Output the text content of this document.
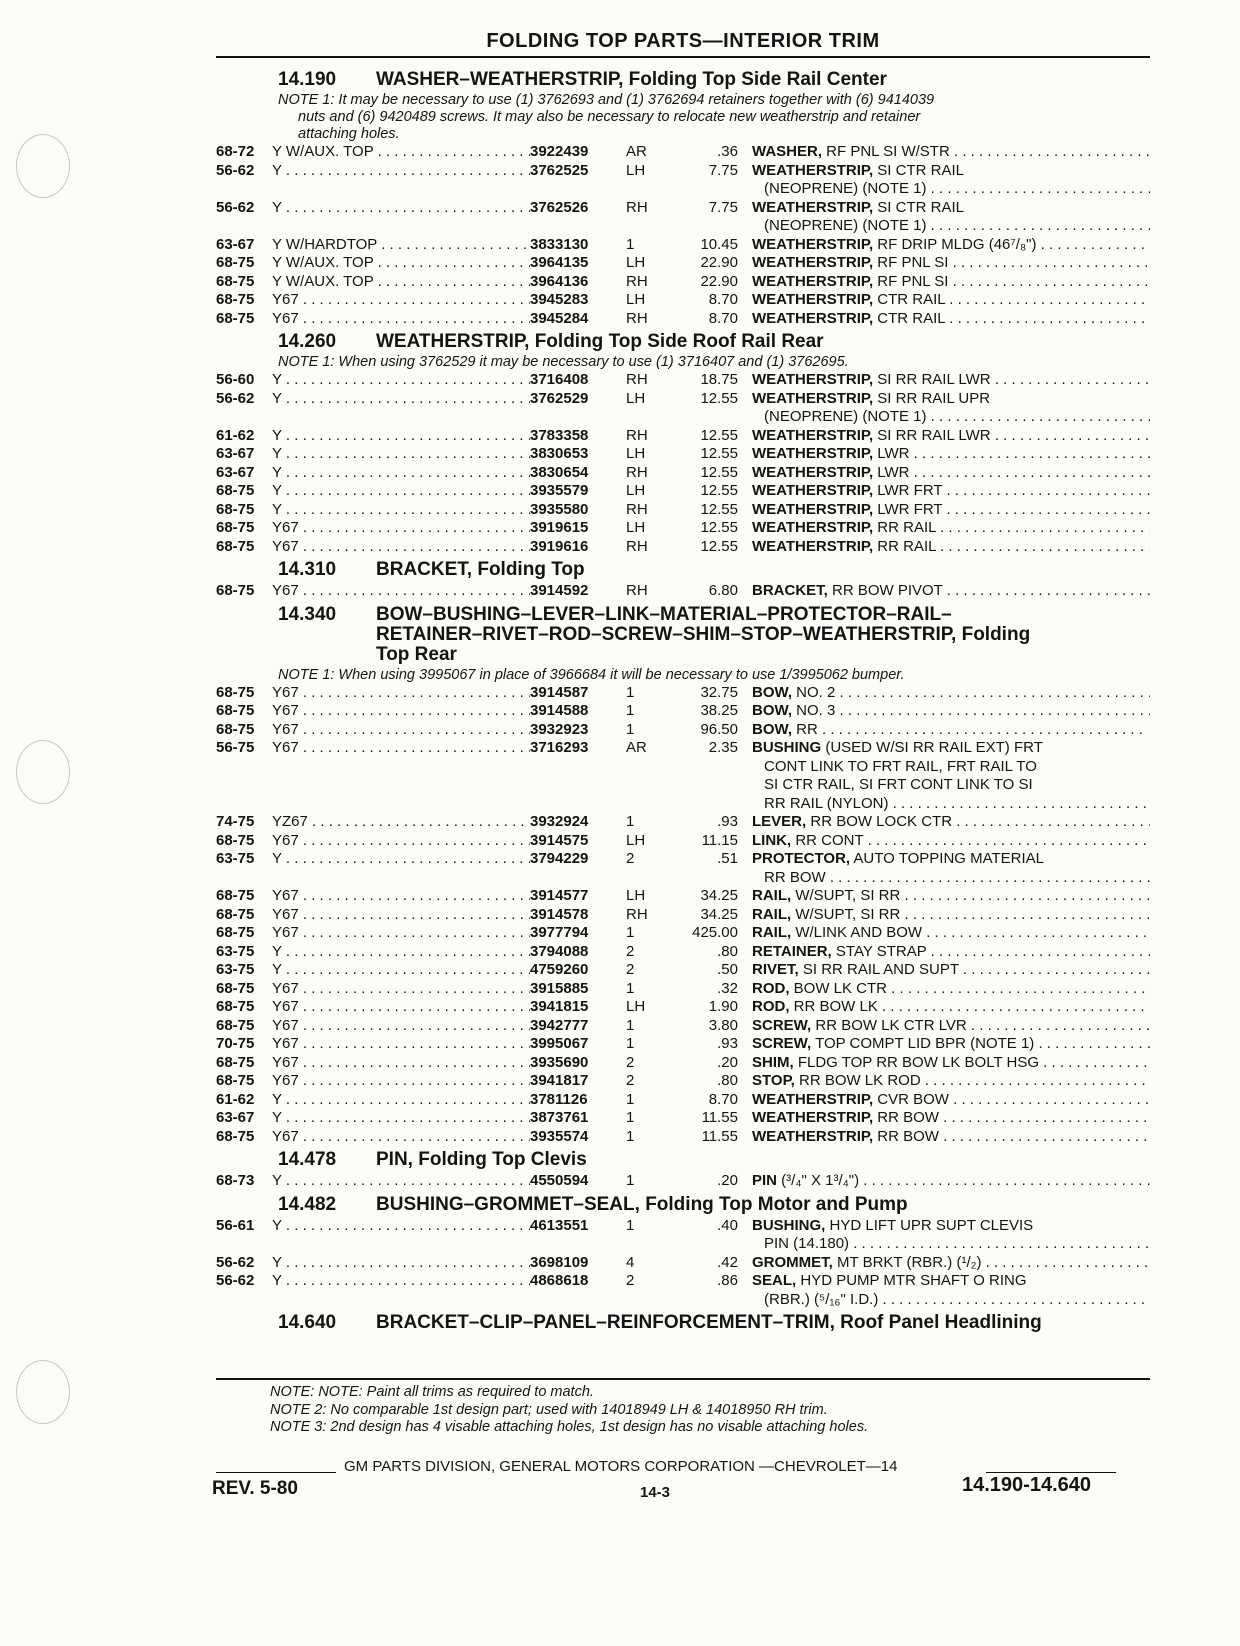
FOLDING TOP PARTS—INTERIOR TRIM
14.190 WASHER–WEATHERSTRIP, Folding Top Side Rail Center
NOTE 1: It may be necessary to use (1) 3762693 and (1) 3762694 retainers together with (6) 9414039
nuts and (6) 9420489 screws. It may also be necessary to relocate new weatherstrip and retainer
attaching holes.
68-72	Y W/AUX. TOP . . .	3922439	AR	.36 WASHER, RF PNL SI W/STR . . .
56-62	Y . . .	3762525	LH	7.75 WEATHERSTRIP, SI CTR RAIL
(NEOPRENE) (NOTE 1) . . .
56-62	Y . . .	3762526	RH	7.75 WEATHERSTRIP, SI CTR RAIL
(NEOPRENE) (NOTE 1) . . .
63-67	Y W/HARDTOP . . .	3833130	1	10.45 WEATHERSTRIP, RF DRIP MLDG (46⁷/₈") . . .
68-75	Y W/AUX. TOP . . .	3964135	LH	22.90 WEATHERSTRIP, RF PNL SI . . .
68-75	Y W/AUX. TOP . . .	3964136	RH	22.90 WEATHERSTRIP, RF PNL SI . . .
68-75	Y67 . . .	3945283	LH	8.70 WEATHERSTRIP, CTR RAIL . . .
68-75	Y67 . . .	3945284	RH	8.70 WEATHERSTRIP, CTR RAIL . . .
14.260 WEATHERSTRIP, Folding Top Side Roof Rail Rear
NOTE 1: When using 3762529 it may be necessary to use (1) 3716407 and (1) 3762695.
56-60	Y . . .	3716408	RH	18.75 WEATHERSTRIP, SI RR RAIL LWR . . .
56-62	Y . . .	3762529	LH	12.55 WEATHERSTRIP, SI RR RAIL UPR
(NEOPRENE) (NOTE 1) . . .
61-62	Y . . .	3783358	RH	12.55 WEATHERSTRIP, SI RR RAIL LWR . . .
63-67	Y . . .	3830653	LH	12.55 WEATHERSTRIP, LWR . . .
63-67	Y . . .	3830654	RH	12.55 WEATHERSTRIP, LWR . . .
68-75	Y . . .	3935579	LH	12.55 WEATHERSTRIP, LWR FRT . . .
68-75	Y . . .	3935580	RH	12.55 WEATHERSTRIP, LWR FRT . . .
68-75	Y67 . . .	3919615	LH	12.55 WEATHERSTRIP, RR RAIL . . .
68-75	Y67 . . .	3919616	RH	12.55 WEATHERSTRIP, RR RAIL . . .
14.310 BRACKET, Folding Top
68-75	Y67 . . .	3914592	RH	6.80 BRACKET, RR BOW PIVOT . . .
14.340 BOW–BUSHING–LEVER–LINK–MATERIAL–PROTECTOR–RAIL–
RETAINER–RIVET–ROD–SCREW–SHIM–STOP–WEATHERSTRIP, Folding
Top Rear
NOTE 1: When using 3995067 in place of 3966684 it will be necessary to use 1/3995062 bumper.
68-75	Y67 . . .	3914587	1	32.75 BOW, NO. 2 . . .
68-75	Y67 . . .	3914588	1	38.25 BOW, NO. 3 . . .
68-75	Y67 . . .	3932923	1	96.50 BOW, RR . . .
56-75	Y67 . . .	3716293	AR	2.35 BUSHING (USED W/SI RR RAIL EXT) FRT
CONT LINK TO FRT RAIL, FRT RAIL TO
SI CTR RAIL, SI FRT CONT LINK TO SI
RR RAIL (NYLON) . . .
74-75	YZ67 . . .	3932924	1	.93 LEVER, RR BOW LOCK CTR . . .
68-75	Y67 . . .	3914575	LH	11.15 LINK, RR CONT . . .
63-75	Y . . .	3794229	2	.51 PROTECTOR, AUTO TOPPING MATERIAL
RR BOW . . .
68-75	Y67 . . .	3914577	LH	34.25 RAIL, W/SUPT, SI RR . . .
68-75	Y67 . . .	3914578	RH	34.25 RAIL, W/SUPT, SI RR . . .
68-75	Y67 . . .	3977794	1	425.00 RAIL, W/LINK AND BOW . . .
63-75	Y . . .	3794088	2	.80 RETAINER, STAY STRAP . . .
63-75	Y . . .	4759260	2	.50 RIVET, SI RR RAIL AND SUPT . . .
68-75	Y67 . . .	3915885	1	.32 ROD, BOW LK CTR . . .
68-75	Y67 . . .	3941815	LH	1.90 ROD, RR BOW LK . . .
68-75	Y67 . . .	3942777	1	3.80 SCREW, RR BOW LK CTR LVR . . .
70-75	Y67 . . .	3995067	1	.93 SCREW, TOP COMPT LID BPR (NOTE 1) . . .
68-75	Y67 . . .	3935690	2	.20 SHIM, FLDG TOP RR BOW LK BOLT HSG . . .
68-75	Y67 . . .	3941817	2	.80 STOP, RR BOW LK ROD . . .
61-62	Y . . .	3781126	1	8.70 WEATHERSTRIP, CVR BOW . . .
63-67	Y . . .	3873761	1	11.55 WEATHERSTRIP, RR BOW . . .
68-75	Y67 . . .	3935574	1	11.55 WEATHERSTRIP, RR BOW . . .
14.478 PIN, Folding Top Clevis
68-73	Y . . .	4550594	1	.20 PIN (³/₄" X 1³/₄") . . .
14.482 BUSHING–GROMMET–SEAL, Folding Top Motor and Pump
56-61	Y . . .	4613551	1	.40 BUSHING, HYD LIFT UPR SUPT CLEVIS
PIN (14.180) . . .
56-62	Y . . .	3698109	4	.42 GROMMET, MT BRKT (RBR.) (¹/₂) . . .
56-62	Y . . .	4868618	2	.86 SEAL, HYD PUMP MTR SHAFT O RING
(RBR.) (⁵/₁₆" I.D.) . . .
14.640 BRACKET–CLIP–PANEL–REINFORCEMENT–TRIM, Roof Panel Headlining
NOTE: NOTE: Paint all trims as required to match.
NOTE 2: No comparable 1st design part; used with 14018949 LH & 14018950 RH trim.
NOTE 3: 2nd design has 4 visable attaching holes, 1st design has no visable attaching holes.
GM PARTS DIVISION, GENERAL MOTORS CORPORATION —CHEVROLET—14
REV. 5-80	14-3	14.190-14.640
